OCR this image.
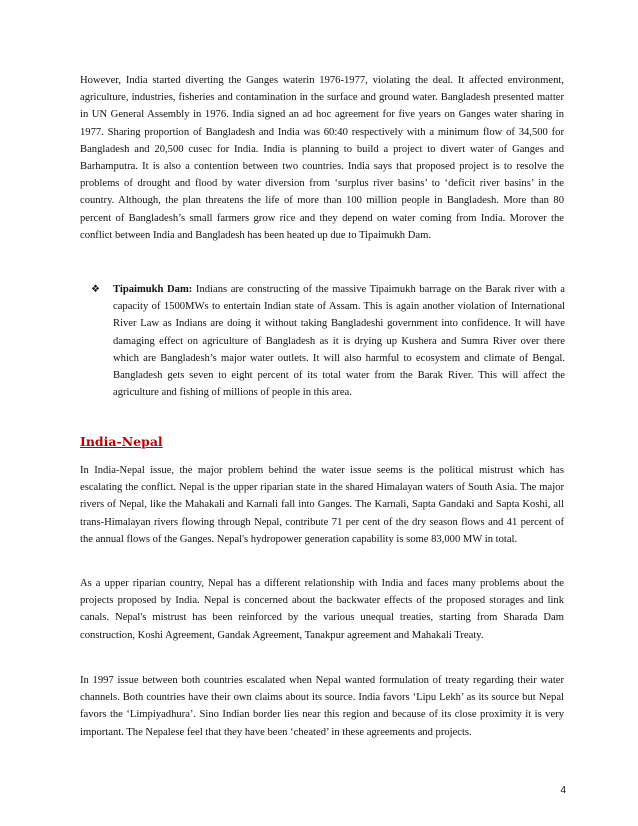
However, India started diverting the Ganges waterin 1976-1977, violating the deal. It affected environment, agriculture, industries, fisheries and contamination in the surface and ground water. Bangladesh presented matter in UN General Assembly in 1976. India signed an ad hoc agreement for five years on Ganges water sharing in 1977. Sharing proportion of Bangladesh and India was 60:40 respectively with a minimum flow of 34,500 for Bangladesh and 20,500 cusec for India. India is planning to build a project to divert water of Ganges and Barhamputra. It is also a contention between two countries. India says that proposed project is to resolve the problems of drought and flood by water diversion from ‘surplus river basins’ to ‘deficit river basins’ in the country. Although, the plan threatens the life of more than 100 million people in Bangladesh. More than 80 percent of Bangladesh’s small farmers grow rice and they depend on water coming from India. Morover the conflict between India and Bangladesh has been heated up due to Tipaimukh Dam.

❖ Tipaimukh Dam: Indians are constructing of the massive Tipaimukh barrage on the Barak river with a capacity of 1500MWs to entertain Indian state of Assam. This is again another violation of International River Law as Indians are doing it without taking Bangladeshi government into confidence. It will have damaging effect on agriculture of Bangladesh as it is drying up Kushera and Sumra River over there which are Bangladesh’s major water outlets. It will also harmful to ecosystem and climate of Bengal. Bangladesh gets seven to eight percent of its total water from the Barak River. This will affect the agriculture and fishing of millions of people in this area.

India-Nepal

In India-Nepal issue, the major problem behind the water issue seems is the political mistrust which has escalating the conflict. Nepal is the upper riparian state in the shared Himalayan waters of South Asia. The major rivers of Nepal, like the Mahakali and Karnali fall into Ganges. The Karnali, Sapta Gandaki and Sapta Koshi, all trans-Himalayan rivers flowing through Nepal, contribute 71 per cent of the dry season flows and 41 percent of the annual flows of the Ganges. Nepal's hydropower generation capability is some 83,000 MW in total.

As a upper riparian country, Nepal has a different relationship with India and faces many problems about the projects proposed by India. Nepal is concerned about the backwater effects of the proposed storages and link canals. Nepal's mistrust has been reinforced by the various unequal treaties, starting from Sharada Dam construction, Koshi Agreement, Gandak Agreement, Tanakpur agreement and Mahakali Treaty.

In 1997 issue between both countries escalated when Nepal wanted formulation of treaty regarding their water channels. Both countries have their own claims about its source. India favors ‘Lipu Lekh’ as its source but Nepal favors the ‘Limpiyadhura’. Sino Indian border lies near this region and because of its close proximity it is very important. The Nepalese feel that they have been ‘cheated’ in these agreements and projects.

4
